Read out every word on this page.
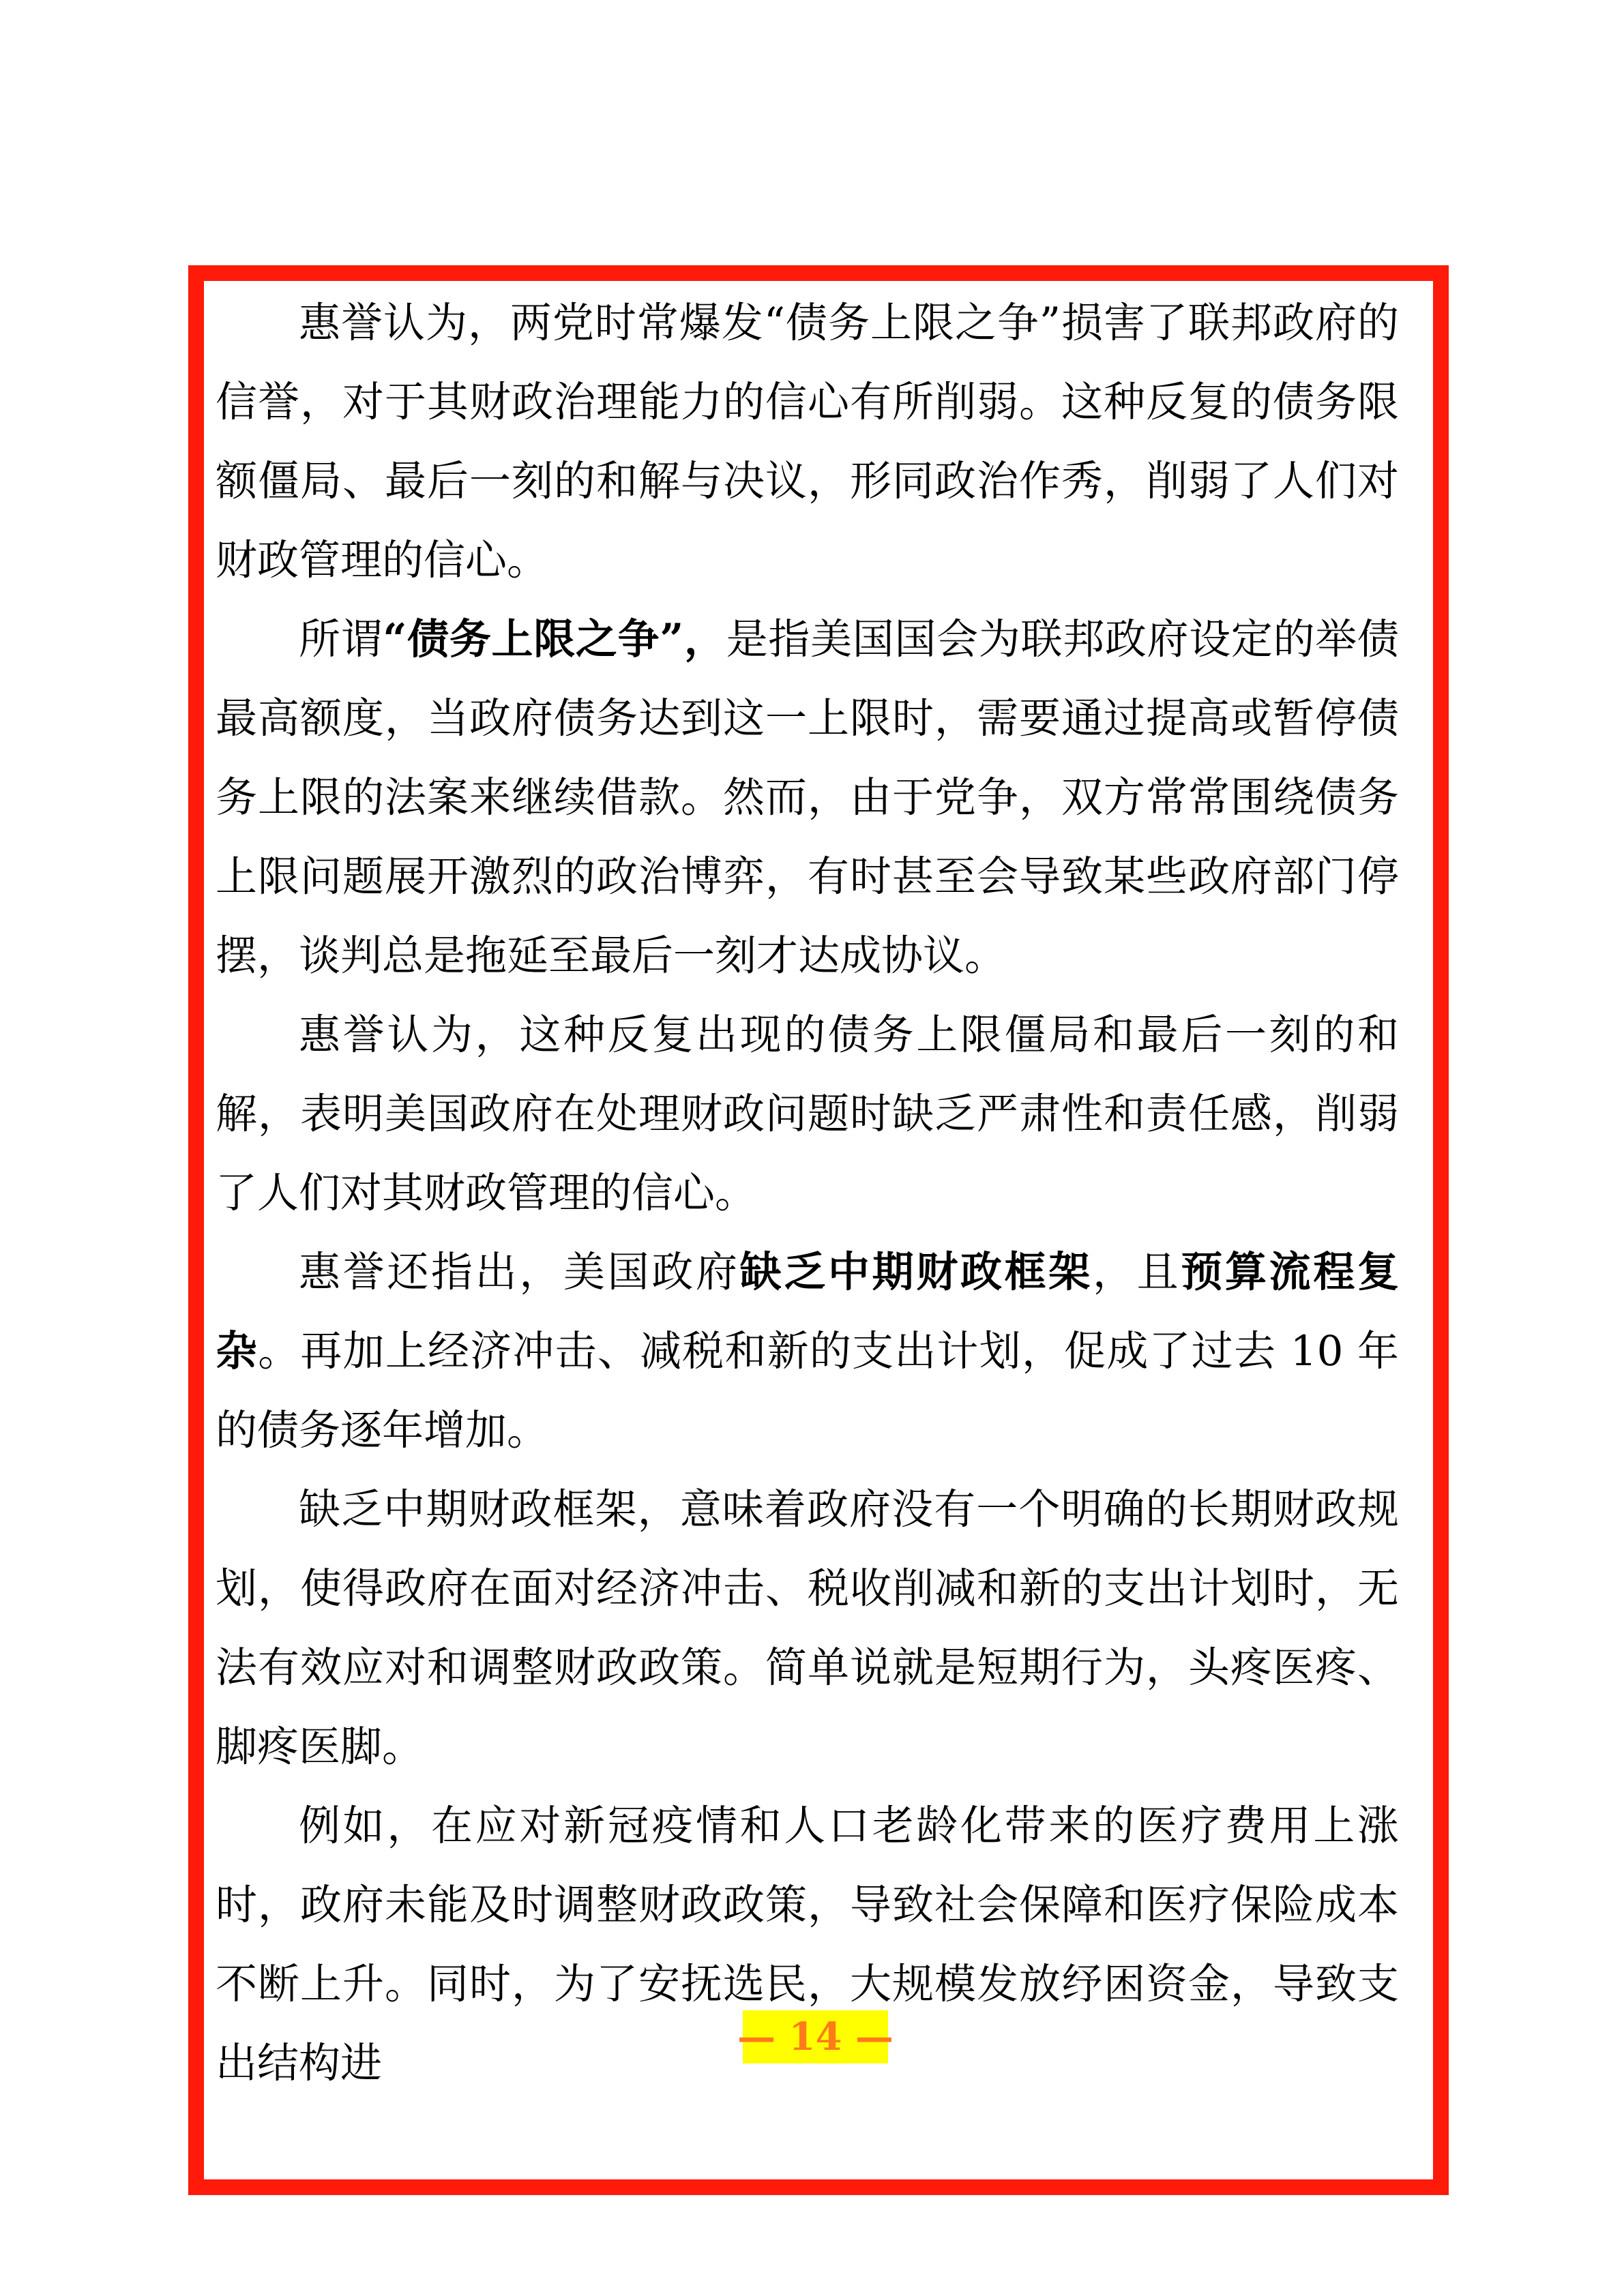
惠誉认为，两党时常爆发“债务上限之争”损害了联邦政府的信誉，对于其财政治理能力的信心有所削弱。这种反复的债务限额僵局、最后一刻的和解与决议，形同政治作秀，削弱了人们对财政管理的信心。

所谓“债务上限之争”，是指美国国会为联邦政府设定的举债最高额度，当政府债务达到这一上限时，需要通过提高或暂停债务上限的法案来继续借款。然而，由于党争，双方常常围绕债务上限问题展开激烈的政治博弈，有时甚至会导致某些政府部门停摆，谈判总是拖延至最后一刻才达成协议。

惠誉认为，这种反复出现的债务上限僵局和最后一刻的和解，表明美国政府在处理财政问题时缺乏严肃性和责任感，削弱了人们对其财政管理的信心。

惠誉还指出，美国政府缺乏中期财政框架，且预算流程复杂。再加上经济冲击、减税和新的支出计划，促成了过去 10 年的债务逐年增加。

缺乏中期财政框架，意味着政府没有一个明确的长期财政规划，使得政府在面对经济冲击、税收削减和新的支出计划时，无法有效应对和调整财政政策。简单说就是短期行为，头疼医疼、脚疼医脚。

例如，在应对新冠疫情和人口老龄化带来的医疗费用上涨时，政府未能及时调整财政政策，导致社会保障和医疗保险成本不断上升。同时，为了安抚选民，大规模发放纾困资金，导致支出结构进

— 14 —
